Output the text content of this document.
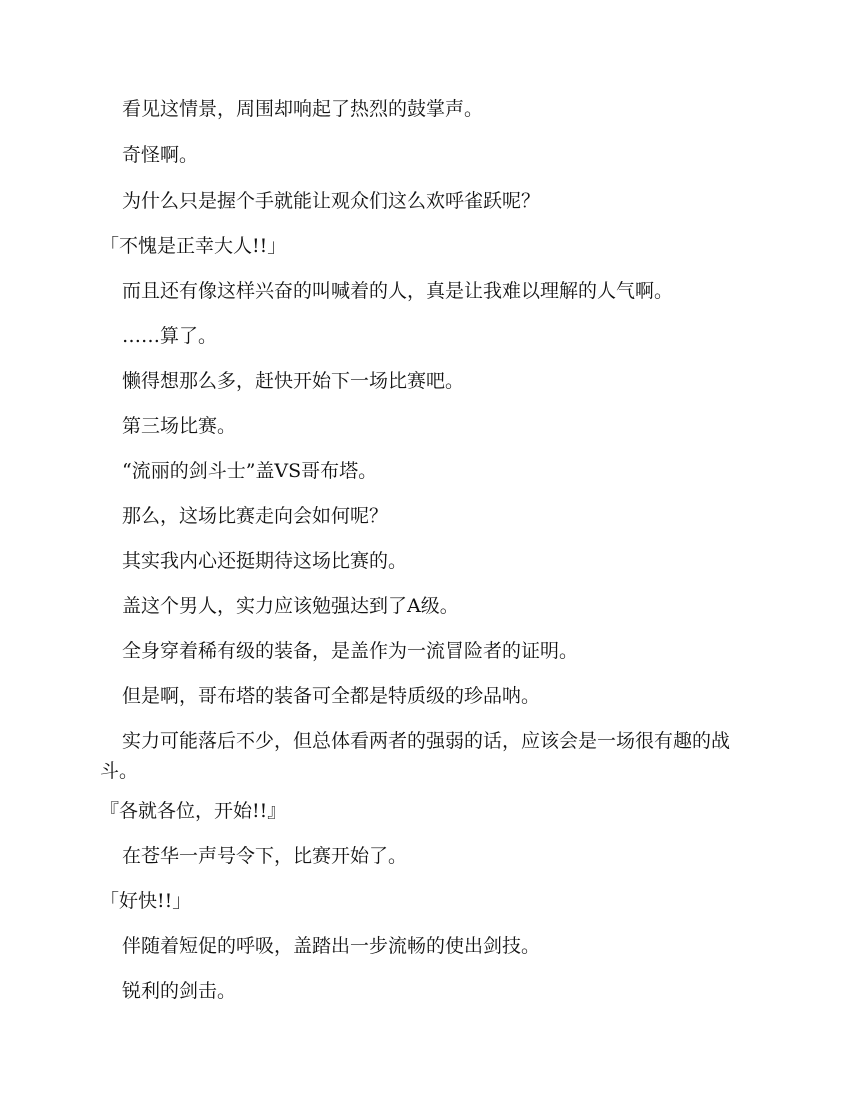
看见这情景，周围却响起了热烈的鼓掌声。

奇怪啊。

为什么只是握个手就能让观众们这么欢呼雀跃呢？

「不愧是正幸大人!!」

而且还有像这样兴奋的叫喊着的人，真是让我难以理解的人气啊。

……算了。

懒得想那么多，赶快开始下一场比赛吧。

第三场比赛。

“流丽的剑斗士”盖VS哥布塔。

那么，这场比赛走向会如何呢？

其实我内心还挺期待这场比赛的。

盖这个男人，实力应该勉强达到了A级。

全身穿着稀有级的装备，是盖作为一流冒险者的证明。

但是啊，哥布塔的装备可全都是特质级的珍品呐。

实力可能落后不少，但总体看两者的强弱的话，应该会是一场很有趣的战斗。

『各就各位，开始!!』

在苍华一声号令下，比赛开始了。

「好快!!」

伴随着短促的呼吸，盖踏出一步流畅的使出剑技。

锐利的剑击。
